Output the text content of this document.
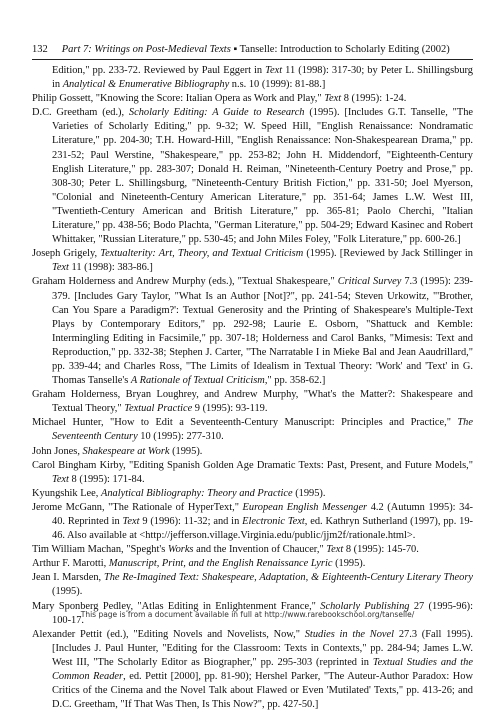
132 Part 7: Writings on Post-Medieval Texts ▪ Tanselle: Introduction to Scholarly Editing (2002)

Edition," pp. 233-72. Reviewed by Paul Eggert in Text 11 (1998): 317-30; by Peter L. Shillingsburg in Analytical & Enumerative Bibliography n.s. 10 (1999): 81-88.]

Philip Gossett, "Knowing the Score: Italian Opera as Work and Play," Text 8 (1995): 1-24.

D.C. Greetham (ed.), Scholarly Editing: A Guide to Research (1995). [Includes G.T. Tanselle, "The Varieties of Scholarly Editing," pp. 9-32; W. Speed Hill, "English Renaissance: Nondramatic Literature," pp. 204-30; T.H. Howard-Hill, "English Renaissance: Non-Shakespearean Drama," pp. 231-52; Paul Werstine, "Shakespeare," pp. 253-82; John H. Middendorf, "Eighteenth-Century English Literature," pp. 283-307; Donald H. Reiman, "Nineteenth-Century Poetry and Prose," pp. 308-30; Peter L. Shillingsburg, "Nineteenth-Century British Fiction," pp. 331-50; Joel Myerson, "Colonial and Nineteenth-Century American Literature," pp. 351-64; James L.W. West III, "Twentieth-Century American and British Literature," pp. 365-81; Paolo Cherchi, "Italian Literature," pp. 438-56; Bodo Plachta, "German Literature," pp. 504-29; Edward Kasinec and Robert Whittaker, "Russian Literature," pp. 530-45; and John Miles Foley, "Folk Literature," pp. 600-26.]

Joseph Grigely, Textualterity: Art, Theory, and Textual Criticism (1995). [Reviewed by Jack Stillinger in Text 11 (1998): 383-86.]

Graham Holderness and Andrew Murphy (eds.), "Textual Shakespeare," Critical Survey 7.3 (1995): 239-379. [Includes Gary Taylor, "What Is an Author [Not]?", pp. 241-54; Steven Urkowitz, "'Brother, Can You Spare a Paradigm?': Textual Generosity and the Printing of Shakespeare's Multiple-Text Plays by Contemporary Editors," pp. 292-98; Laurie E. Osborn, "Shattuck and Kemble: Intermingling Editing in Facsimile," pp. 307-18; Holderness and Carol Banks, "Mimesis: Text and Reproduction," pp. 332-38; Stephen J. Carter, "The Narratable I in Mieke Bal and Jean Aaudrillard," pp. 339-44; and Charles Ross, "The Limits of Idealism in Textual Theory: 'Work' and 'Text' in G. Thomas Tanselle's A Rationale of Textual Criticism," pp. 358-62.]

Graham Holderness, Bryan Loughrey, and Andrew Murphy, "What's the Matter?: Shakespeare and Textual Theory," Textual Practice 9 (1995): 93-119.

Michael Hunter, "How to Edit a Seventeenth-Century Manuscript: Principles and Practice," The Seventeenth Century 10 (1995): 277-310.

John Jones, Shakespeare at Work (1995).

Carol Bingham Kirby, "Editing Spanish Golden Age Dramatic Texts: Past, Present, and Future Models," Text 8 (1995): 171-84.

Kyungshik Lee, Analytical Bibliography: Theory and Practice (1995).

Jerome McGann, "The Rationale of HyperText," European English Messenger 4.2 (Autumn 1995): 34-40. Reprinted in Text 9 (1996): 11-32; and in Electronic Text, ed. Kathryn Sutherland (1997), pp. 19-46. Also available at <http://jefferson.village.Virginia.edu/public/jjm2f/rationale.html>.

Tim William Machan, "Speght's Works and the Invention of Chaucer," Text 8 (1995): 145-70.

Arthur F. Marotti, Manuscript, Print, and the English Renaissance Lyric (1995).

Jean I. Marsden, The Re-Imagined Text: Shakespeare, Adaptation, & Eighteenth-Century Literary Theory (1995).

Mary Sponberg Pedley, "Atlas Editing in Enlightenment France," Scholarly Publishing 27 (1995-96): 100-17.

Alexander Pettit (ed.), "Editing Novels and Novelists, Now," Studies in the Novel 27.3 (Fall 1995). [Includes J. Paul Hunter, "Editing for the Classroom: Texts in Contexts," pp. 284-94; James L.W. West III, "The Scholarly Editor as Biographer," pp. 295-303 (reprinted in Textual Studies and the Common Reader, ed. Pettit [2000], pp. 81-90); Hershel Parker, "The Auteur-Author Paradox: How Critics of the Cinema and the Novel Talk about Flawed or Even 'Mutilated' Texts," pp. 413-26; and D.C. Greetham, "If That Was Then, Is This Now?", pp. 427-50.]

This page is from a document available in full at http://www.rarebookschool.org/tanselle/
